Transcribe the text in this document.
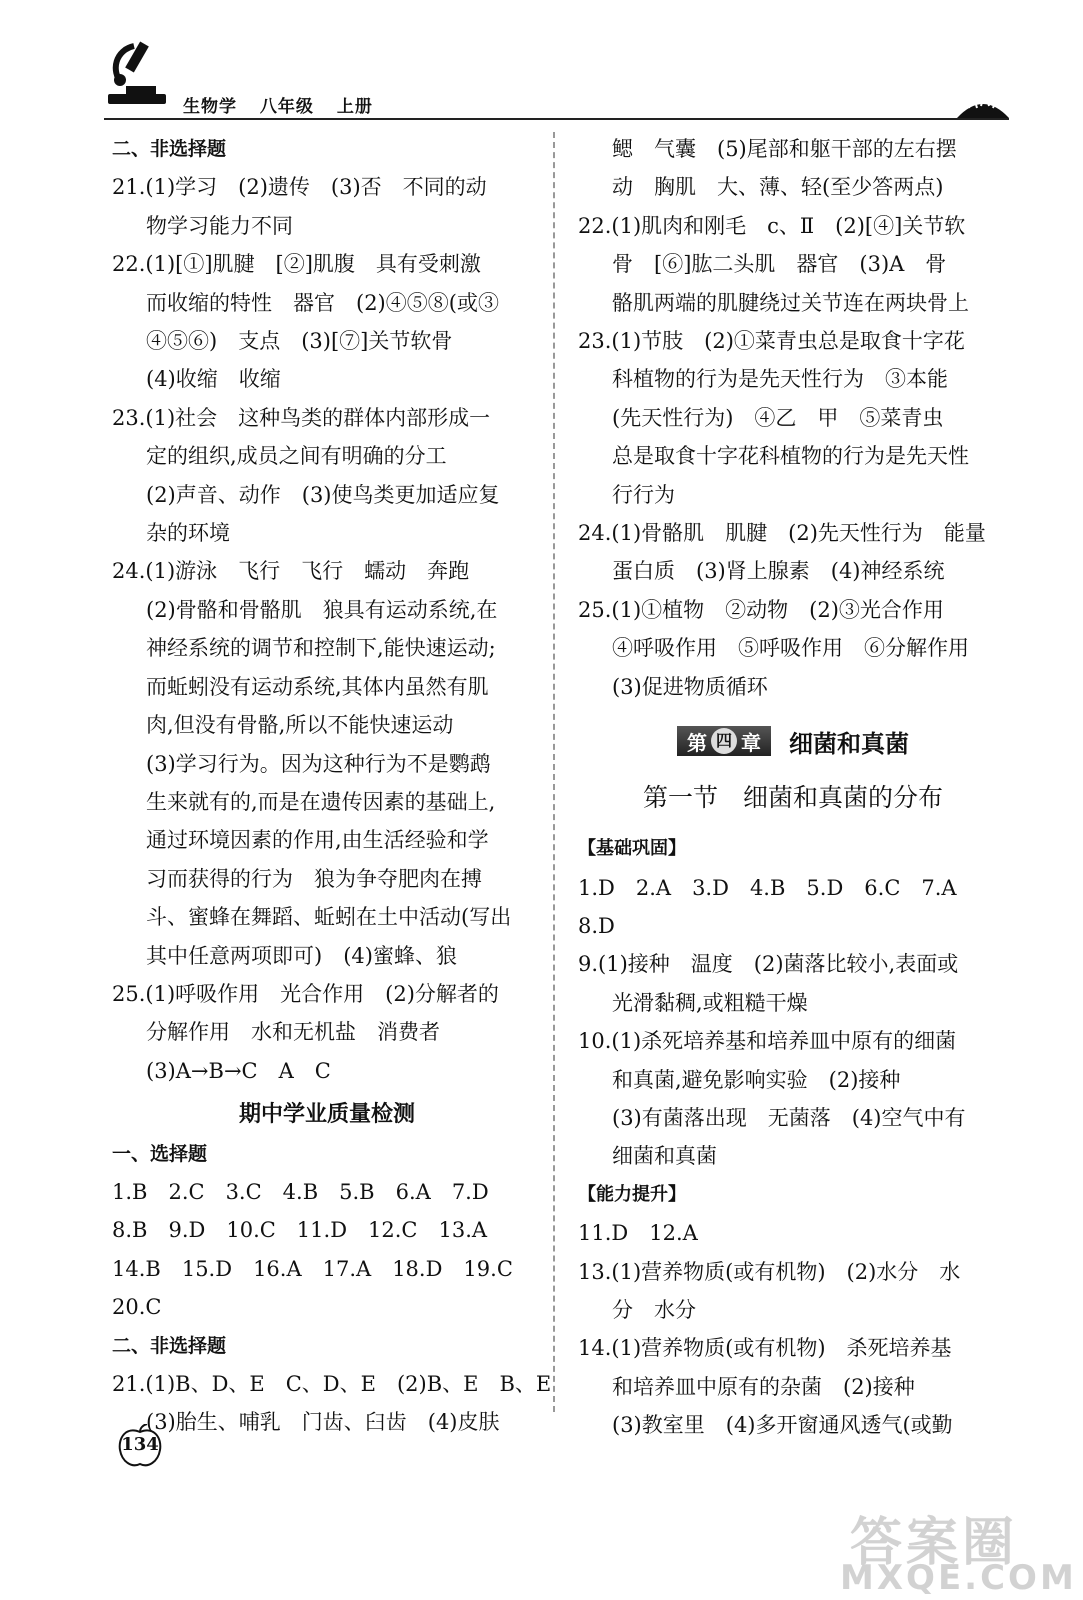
生物学 八年级 上册

二、非选择题

21.(1)学习　(2)遗传　(3)否　不同的动

物学习能力不同

22.(1)[①]肌腱　[②]肌腹　具有受刺激

而收缩的特性　器官　(2)④⑤⑧(或③

④⑤⑥)　支点　(3)[⑦]关节软骨

(4)收缩　收缩

23.(1)社会　这种鸟类的群体内部形成一

定的组织,成员之间有明确的分工

(2)声音、动作　(3)使鸟类更加适应复

杂的环境

24.(1)游泳　飞行　飞行　蠕动　奔跑

(2)骨骼和骨骼肌　狼具有运动系统,在

神经系统的调节和控制下,能快速运动;

而蚯蚓没有运动系统,其体内虽然有肌

肉,但没有骨骼,所以不能快速运动

(3)学习行为。因为这种行为不是鹦鹉

生来就有的,而是在遗传因素的基础上,

通过环境因素的作用,由生活经验和学

习而获得的行为　狼为争夺肥肉在搏

斗、蜜蜂在舞蹈、蚯蚓在土中活动(写出

其中任意两项即可)　(4)蜜蜂、狼

25.(1)呼吸作用　光合作用　(2)分解者的

分解作用　水和无机盐　消费者

(3)A→B→C　A　C

期中学业质量检测

一、选择题

1.B　2.C　3.C　4.B　5.B　6.A　7.D

8.B　9.D　10.C　11.D　12.C　13.A

14.B　15.D　16.A　17.A　18.D　19.C

20.C

二、非选择题

21.(1)B、D、E　C、D、E　(2)B、E　B、E

(3)胎生、哺乳　门齿、臼齿　(4)皮肤

鳃　气囊　(5)尾部和躯干部的左右摆

动　胸肌　大、薄、轻(至少答两点)

22.(1)肌肉和刚毛　c、Ⅱ　(2)[④]关节软

骨　[⑥]肱二头肌　器官　(3)A　骨

骼肌两端的肌腱绕过关节连在两块骨上

23.(1)节肢　(2)①菜青虫总是取食十字花

科植物的行为是先天性行为　③本能

(先天性行为)　④乙　甲　⑤菜青虫

总是取食十字花科植物的行为是先天性

行行为

24.(1)骨骼肌　肌腱　(2)先天性行为　能量

蛋白质　(3)肾上腺素　(4)神经系统

25.(1)①植物　②动物　(2)③光合作用

④呼吸作用　⑤呼吸作用　⑥分解作用

(3)促进物质循环

第 四 章 细菌和真菌
第一节　细菌和真菌的分布

【基础巩固】

1.D　2.A　3.D　4.B　5.D　6.C　7.A

8.D

9.(1)接种　温度　(2)菌落比较小,表面或

光滑黏稠,或粗糙干燥

10.(1)杀死培养基和培养皿中原有的细菌

和真菌,避免影响实验　(2)接种

(3)有菌落出现　无菌落　(4)空气中有

细菌和真菌

【能力提升】

11.D　12.A

13.(1)营养物质(或有机物)　(2)水分　水

分　水分

14.(1)营养物质(或有机物)　杀死培养基

和培养皿中原有的杂菌　(2)接种

(3)教室里　(4)多开窗通风透气(或勤

134
答案圈
MXQE.COM
